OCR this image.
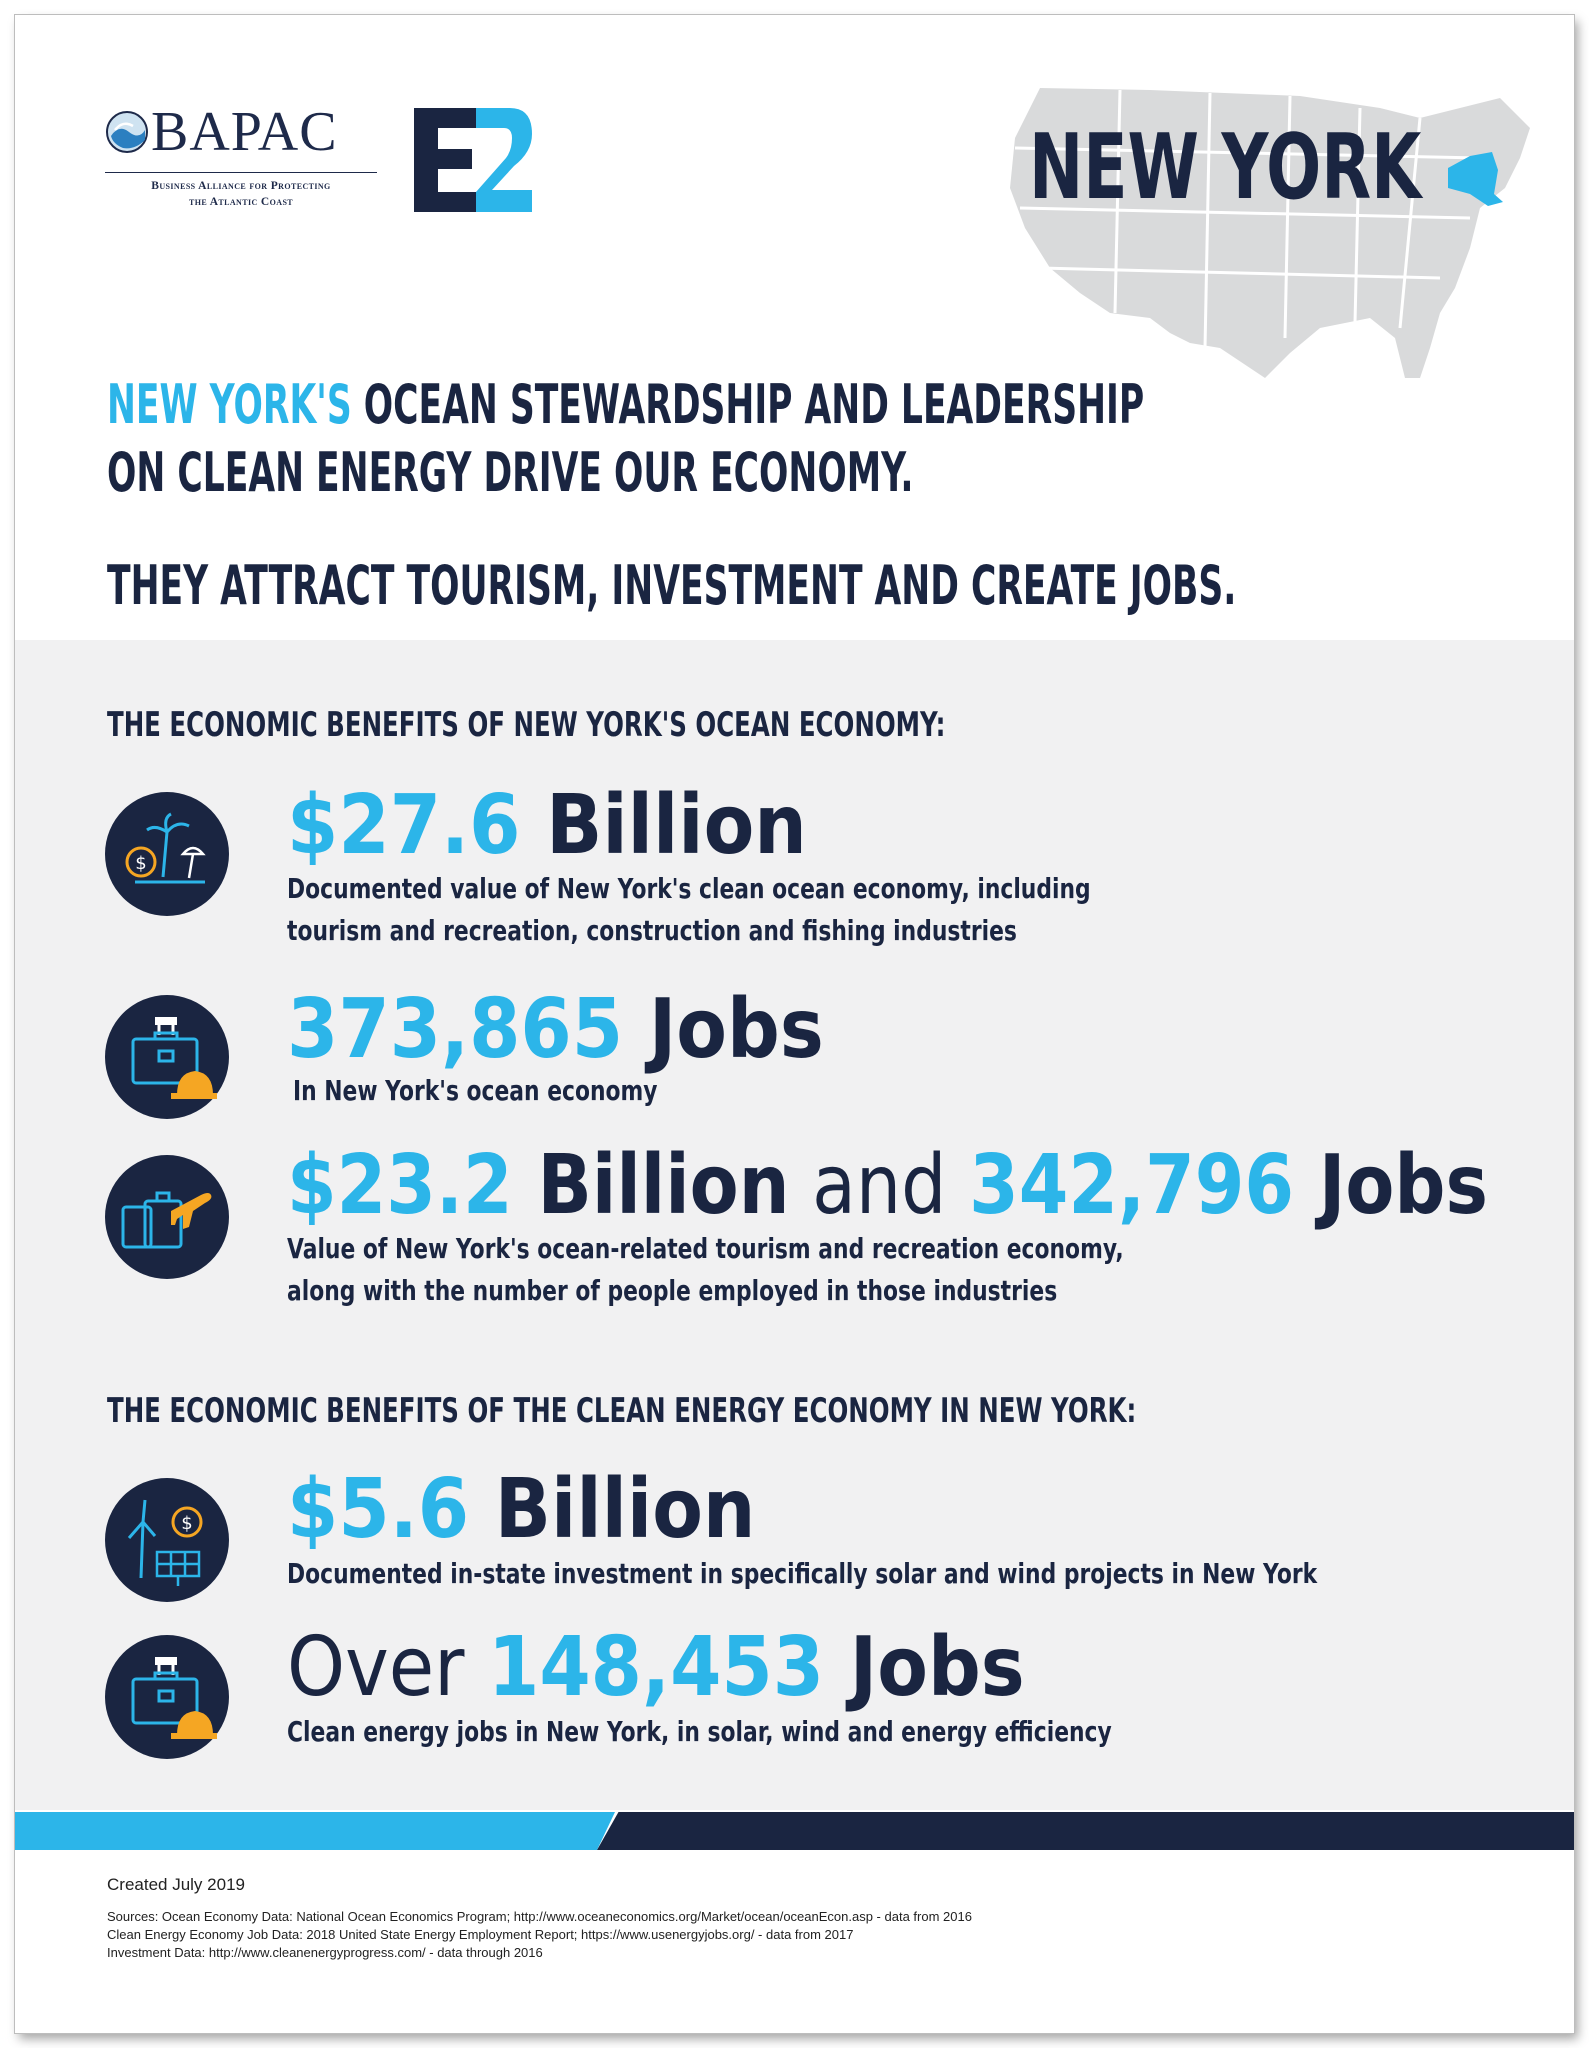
BAPAC
Business Alliance for Protecting
the Atlantic Coast	NEW YORK
NEW YORK'S OCEAN STEWARDSHIP AND LEADERSHIP
ON CLEAN ENERGY DRIVE OUR ECONOMY.
THEY ATTRACT TOURISM, INVESTMENT AND CREATE JOBS.
THE ECONOMIC BENEFITS OF NEW YORK'S OCEAN ECONOMY:
$ $27.6 Billion
Documented value of New York's clean ocean economy, including
tourism and recreation, construction and fishing industries
373,865 Jobs
In New York's ocean economy
$23.2 Billion and 342,796 Jobs
Value of New York's ocean-related tourism and recreation economy,
along with the number of people employed in those industries
THE ECONOMIC BENEFITS OF THE CLEAN ENERGY ECONOMY IN NEW YORK:
$ $5.6 Billion
Documented in-state investment in specifically solar and wind projects in New York
Over 148,453 Jobs
Clean energy jobs in New York, in solar, wind and energy efficiency
Created July 2019
Sources: Ocean Economy Data: National Ocean Economics Program; http://www.oceaneconomics.org/Market/ocean/oceanEcon.asp - data from 2016
Clean Energy Economy Job Data: 2018 United State Energy Employment Report; https://www.usenergyjobs.org/ - data from 2017
Investment Data: http://www.cleanenergyprogress.com/ - data through 2016
